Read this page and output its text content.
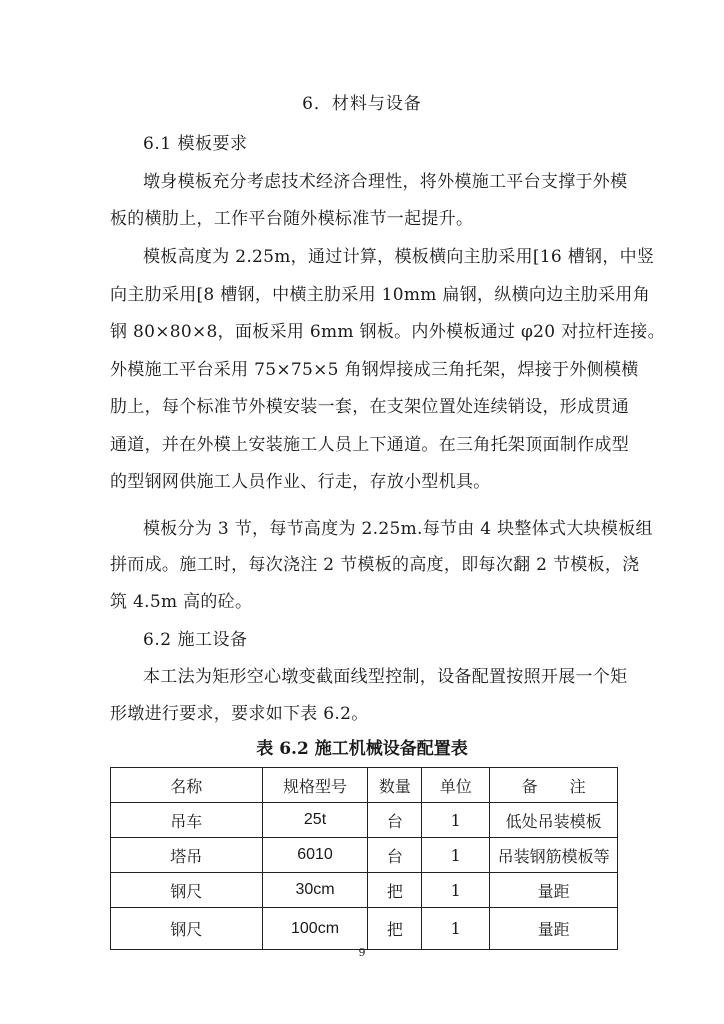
6．材料与设备
6.1 模板要求
墩身模板充分考虑技术经济合理性，将外模施工平台支撑于外模
板的横肋上，工作平台随外模标准节一起提升。
模板高度为 2.25m，通过计算，模板横向主肋采用[16 槽钢，中竖
向主肋采用[8 槽钢，中横主肋采用 10mm 扁钢，纵横向边主肋采用角
钢 80×80×8，面板采用 6mm 钢板。内外模板通过 φ20 对拉杆连接。
外模施工平台采用 75×75×5 角钢焊接成三角托架，焊接于外侧模横
肋上，每个标准节外模安装一套，在支架位置处连续销设，形成贯通
通道，并在外模上安装施工人员上下通道。在三角托架顶面制作成型
的型钢网供施工人员作业、行走，存放小型机具。
模板分为 3 节，每节高度为 2.25m.每节由 4 块整体式大块模板组
拼而成。施工时，每次浇注 2 节模板的高度，即每次翻 2 节模板，浇
筑 4.5m 高的砼。
6.2 施工设备
本工法为矩形空心墩变截面线型控制，设备配置按照开展一个矩
形墩进行要求，要求如下表 6.2。
表 6.2 施工机械设备配置表
名称	规格型号	数量	单位	备　　注
吊车	25t	台	1	低处吊装模板
塔吊	6010	台	1	吊装钢筋模板等
钢尺	30cm	把	1	量距
钢尺	100cm	把	1	量距
9
